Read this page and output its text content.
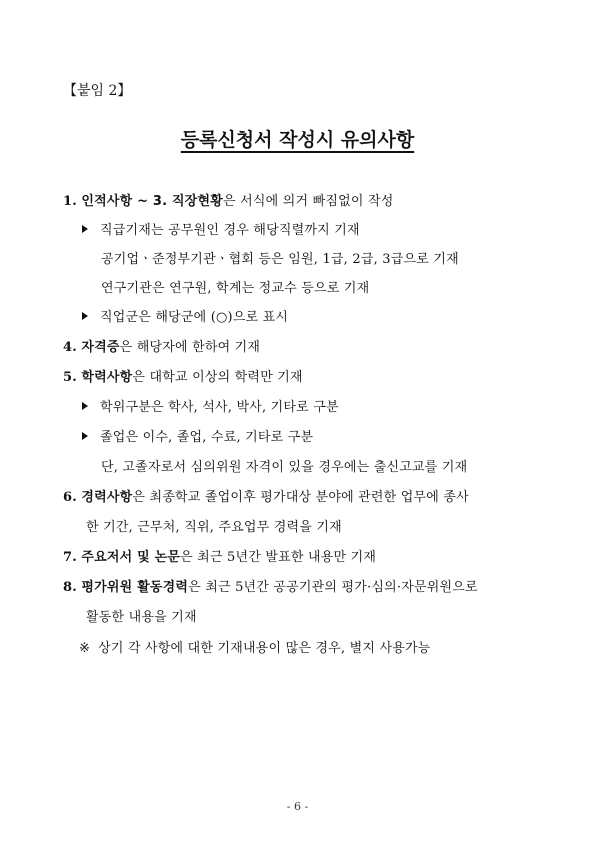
【붙임 2】
등록신청서 작성시 유의사항
1. 인적사항 ~ 3. 직장현황은 서식에 의거 빠짐없이 작성
직급기재는 공무원인 경우 해당직렬까지 기재
공기업ㆍ준정부기관ㆍ협회 등은 임원, 1급, 2급, 3급으로 기재
연구기관은 연구원, 학계는 정교수 등으로 기재
직업군은 해당군에 (○)으로 표시
4. 자격증은 해당자에 한하여 기재
5. 학력사항은 대학교 이상의 학력만 기재
학위구분은 학사, 석사, 박사, 기타로 구분
졸업은 이수, 졸업, 수료, 기타로 구분
단, 고졸자로서 심의위원 자격이 있을 경우에는 출신고교를 기재
6. 경력사항은 최종학교 졸업이후 평가대상 분야에 관련한 업무에 종사
한 기간, 근무처, 직위, 주요업무 경력을 기재
7. 주요저서 및 논문은 최근 5년간 발표한 내용만 기재
8. 평가위원 활동경력은 최근 5년간 공공기관의 평가·심의·자문위원으로
활동한 내용을 기재
※ 상기 각 사항에 대한 기재내용이 많은 경우, 별지 사용가능
- 6 -
